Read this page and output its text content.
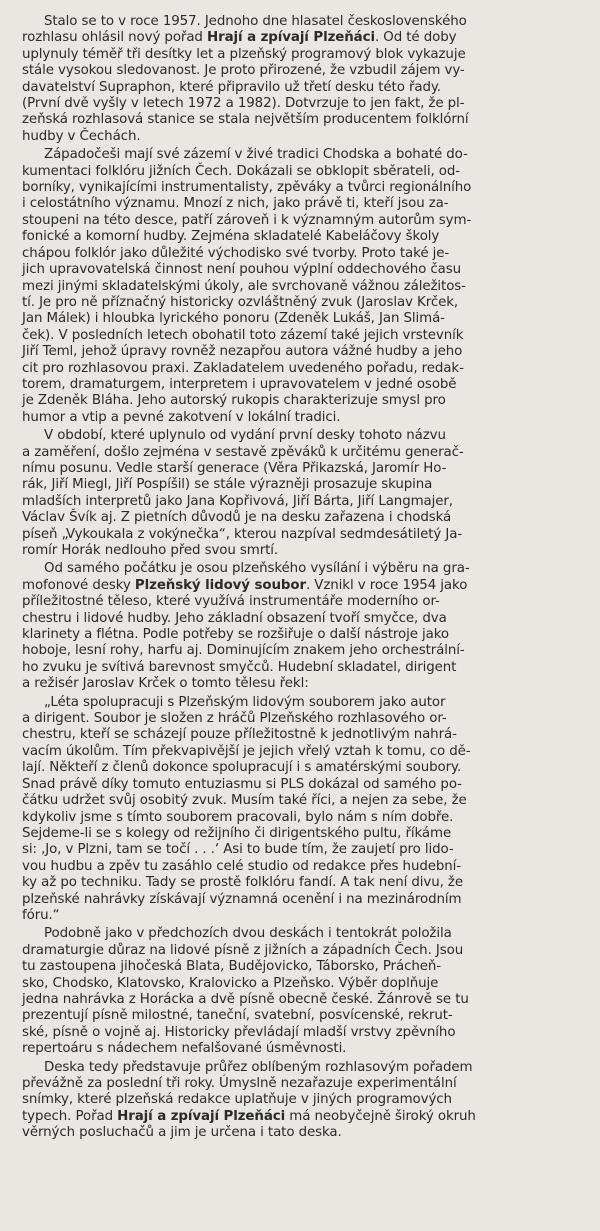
Stalo se to v roce 1957. Jednoho dne hlasatel československého
rozhlasu ohlásil nový pořad Hrají a zpívají Plzeňáci. Od té doby
uplynuly téměř tři desítky let a plzeňský programový blok vykazuje
stále vysokou sledovanost. Je proto přirozené, že vzbudil zájem vy-
davatelství Supraphon, které připravilo už třetí desku této řady.
(První dvě vyšly v letech 1972 a 1982). Dotvrzuje to jen fakt, že pl-
zeňská rozhlasová stanice se stala největším producentem folklórní
hudby v Čechách.

Západočeši mají své zázemí v živé tradici Chodska a bohaté do-
kumentaci folklóru jižních Čech. Dokázali se obklopit sběrateli, od-
borníky, vynikajícími instrumentalisty, zpěváky a tvůrci regionálního
i celostátního významu. Mnozí z nich, jako právě ti, kteří jsou za-
stoupeni na této desce, patří zároveň i k významným autorům sym-
fonické a komorní hudby. Zejména skladatelé Kabeláčovy školy
chápou folklór jako důležité východisko své tvorby. Proto také je-
jich upravovatelská činnost není pouhou výplní oddechového času
mezi jinými skladatelskými úkoly, ale svrchovaně vážnou záležitos-
tí. Je pro ně příznačný historicky ozvláštněný zvuk (Jaroslav Krček,
Jan Málek) i hloubka lyrického ponoru (Zdeněk Lukáš, Jan Slimá-
ček). V posledních letech obohatil toto zázemí také jejich vrstevník
Jiří Teml, jehož úpravy rovněž nezapřou autora vážné hudby a jeho
cit pro rozhlasovou praxi. Zakladatelem uvedeného pořadu, redak-
torem, dramaturgem, interpretem i upravovatelem v jedné osobě
je Zdeněk Bláha. Jeho autorský rukopis charakterizuje smysl pro
humor a vtip a pevné zakotvení v lokální tradici.

V období, které uplynulo od vydání první desky tohoto názvu
a zaměření, došlo zejména v sestavě zpěváků k určitému generač-
nímu posunu. Vedle starší generace (Věra Přikazská, Jaromír Ho-
rák, Jiří Miegl, Jiří Pospíšil) se stále výrazněji prosazuje skupina
mladších interpretů jako Jana Kopřivová, Jiří Bárta, Jiří Langmajer,
Václav Švík aj. Z pietních důvodů je na desku zařazena i chodská
píseň „Vykoukala z vokýnečka“, kterou nazpíval sedmdesátiletý Ja-
romír Horák nedlouho před svou smrtí.

Od samého počátku je osou plzeňského vysílání i výběru na gra-
mofonové desky Plzeňský lidový soubor. Vznikl v roce 1954 jako
příležitostné těleso, které využívá instrumentáře moderního or-
chestru i lidové hudby. Jeho základní obsazení tvoří smyčce, dva
klarinety a flétna. Podle potřeby se rozšiřuje o další nástroje jako
hoboje, lesní rohy, harfu aj. Dominujícím znakem jeho orchestrální-
ho zvuku je svítivá barevnost smyčců. Hudební skladatel, dirigent
a režisér Jaroslav Krček o tomto tělesu řekl:

„Léta spolupracuji s Plzeňským lidovým souborem jako autor
a dirigent. Soubor je složen z hráčů Plzeňského rozhlasového or-
chestru, kteří se scházejí pouze příležitostně k jednotlivým nahrá-
vacím úkolům. Tím překvapivější je jejich vřelý vztah k tomu, co dě-
lají. Někteří z členů dokonce spolupracují i s amatérskými soubory.
Snad právě díky tomuto entuziasmu si PLS dokázal od samého po-
čátku udržet svůj osobitý zvuk. Musím také říci, a nejen za sebe, že
kdykoliv jsme s tímto souborem pracovali, bylo nám s ním dobře.
Sejdeme-li se s kolegy od režijního či dirigentského pultu, říkáme
si: ,Jo, v Plzni, tam se točí . . .‘ Asi to bude tím, že zaujetí pro lido-
vou hudbu a zpěv tu zasáhlo celé studio od redakce přes hudební-
ky až po techniku. Tady se prostě folklóru fandí. A tak není divu, že
plzeňské nahrávky získávají významná ocenění i na mezinárodním
fóru.“

Podobně jako v předchozích dvou deskách i tentokrát položila
dramaturgie důraz na lidové písně z jižních a západních Čech. Jsou
tu zastoupena jihočeská Blata, Budějovicko, Táborsko, Prácheň-
sko, Chodsko, Klatovsko, Kralovicko a Plzeňsko. Výběr doplňuje
jedna nahrávka z Horácka a dvě písně obecně české. Žánrově se tu
prezentují písně milostné, taneční, svatební, posvícenské, rekrut-
ské, písně o vojně aj. Historicky převládají mladší vrstvy zpěvního
repertoáru s nádechem nefalšované úsměvnosti.

Deska tedy představuje průřez oblíbeným rozhlasovým pořadem
převážně za poslední tři roky. Úmyslně nezařazuje experimentální
snímky, které plzeňská redakce uplatňuje v jiných programových
typech. Pořad Hrají a zpívají Plzeňáci má neobyčejně široký okruh
věrných posluchačů a jim je určena i tato deska.
